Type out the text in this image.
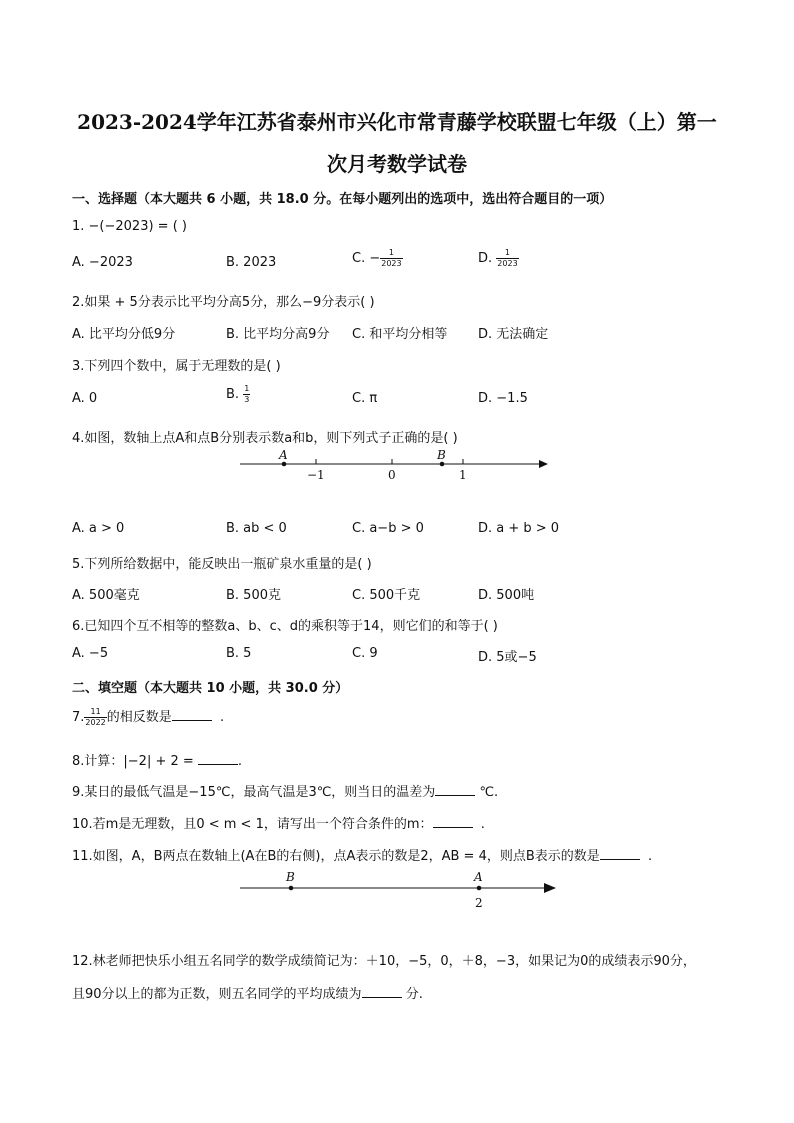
2023-2024学年江苏省泰州市兴化市常青藤学校联盟七年级（上）第一
次月考数学试卷
一、选择题（本大题共 6 小题，共 18.0 分。在每小题列出的选项中，选出符合题目的一项）
1. −(−2023) = ( )
A. −2023	B. 2023	C. − $\frac{1}{2023}$	D. $\frac{1}{2023}$
2.如果 + 5分表示比平均分高5分，那么−9分表示( )
A. 比平均分低9分	B. 比平均分高9分 C. 和平均分相等 D. 无法确定
3.下列四个数中，属于无理数的是( )
A. 0	B. $\frac{1}{3}$	C. π	D. −1.5
4.如图，数轴上点A和点B分别表示数a和b，则下列式子正确的是( )
A	B
−1	0	1
A. a > 0	B. ab < 0	C. a−b > 0	D. a + b > 0
5.下列所给数据中，能反映出一瓶矿泉水重量的是( )
A. 500毫克	B. 500克	C. 500千克	D. 500吨
6.已知四个互不相等的整数a、b、c、d的乘积等于14，则它们的和等于( )
A. −5	B. 5	C. 9	D. 5或−5
二、填空题（本大题共 10 小题，共 30.0 分）
7. $\frac{11}{2022}$ 的相反数是	.
8.计算：|−2| + 2 =	.
9.某日的最低气温是−15℃，最高气温是3℃，则当日的温差为	℃.
10.若m是无理数，且0 < m < 1，请写出一个符合条件的m：	.
11.如图，A，B两点在数轴上(A在B的右侧)，点A表示的数是2，AB = 4，则点B表示的数是	.
B	A
2
12.林老师把快乐小组五名同学的数学成绩简记为：＋10，−5，0，＋8，−3，如果记为0的成绩表示90分，
且90分以上的都为正数，则五名同学的平均成绩为	分.
